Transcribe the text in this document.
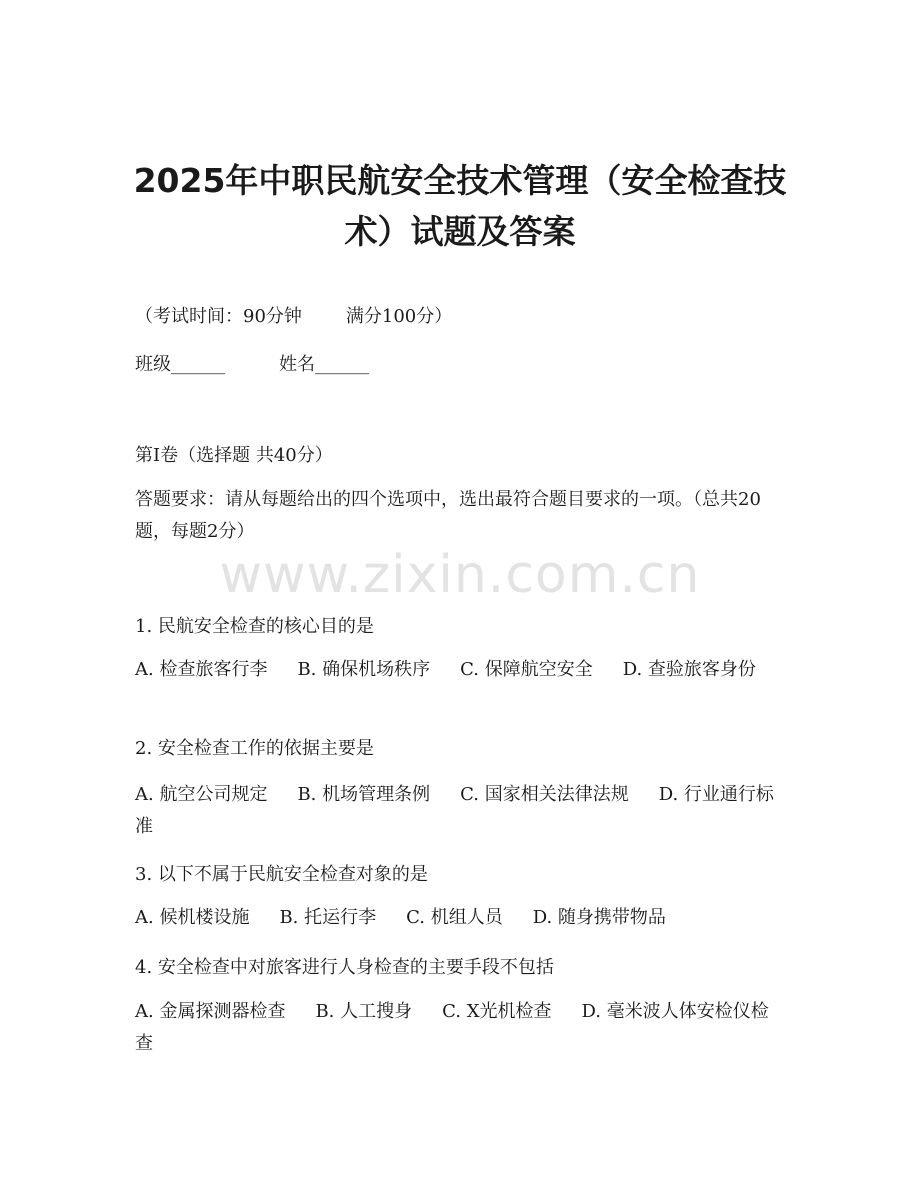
2025年中职民航安全技术管理（安全检查技术）试题及答案
（考试时间：90分钟 满分100分）
班级______	姓名______
第Ⅰ卷（选择题 共40分）
答题要求：请从每题给出的四个选项中，选出最符合题目要求的一项。（总共20题，每题2分）
www.zixin.com.cn
1. 民航安全检查的核心目的是
A. 检查旅客行李 B. 确保机场秩序 C. 保障航空安全 D. 查验旅客身份
2. 安全检查工作的依据主要是
A. 航空公司规定 B. 机场管理条例 C. 国家相关法律法规 D. 行业通行标准
3. 以下不属于民航安全检查对象的是
A. 候机楼设施 B. 托运行李 C. 机组人员 D. 随身携带物品
4. 安全检查中对旅客进行人身检查的主要手段不包括
A. 金属探测器检查 B. 人工搜身 C. X光机检查 D. 毫米波人体安检仪检查
